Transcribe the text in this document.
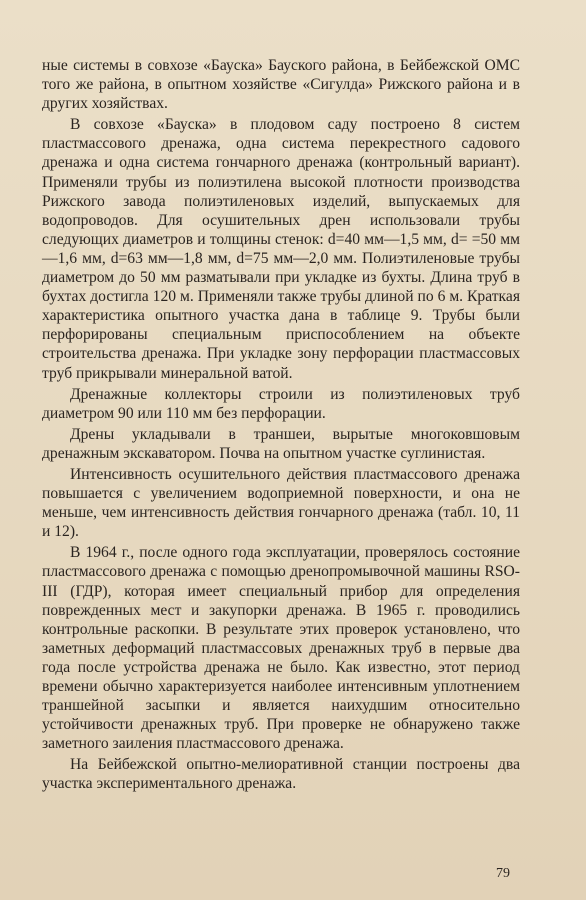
ные системы в совхозе «Бауска» Бауского района, в Бейбежской ОМС того же района, в опытном хозяйстве «Сигулда» Рижского района и в других хозяйствах.

В совхозе «Бауска» в плодовом саду построено 8 систем пластмассового дренажа, одна система перекрестного садового дренажа и одна система гончарного дренажа (контрольный вариант). Применяли трубы из полиэтилена высокой плотности производства Рижского завода полиэтиленовых изделий, выпускаемых для водопроводов. Для осушительных дрен использовали трубы следующих диаметров и толщины стенок: d=40 мм—1,5 мм, d= =50 мм—1,6 мм, d=63 мм—1,8 мм, d=75 мм—2,0 мм. Полиэтиленовые трубы диаметром до 50 мм разматывали при укладке из бухты. Длина труб в бухтах достигла 120 м. Применяли также трубы длиной по 6 м. Краткая характеристика опытного участка дана в таблице 9. Трубы были перфорированы специальным приспособлением на объекте строительства дренажа. При укладке зону перфорации пластмассовых труб прикрывали минеральной ватой.

Дренажные коллекторы строили из полиэтиленовых труб диаметром 90 или 110 мм без перфорации.

Дрены укладывали в траншеи, вырытые многоковшовым дренажным экскаватором. Почва на опытном участке суглинистая.

Интенсивность осушительного действия пластмассового дренажа повышается с увеличением водоприемной поверхности, и она не меньше, чем интенсивность действия гончарного дренажа (табл. 10, 11 и 12).

В 1964 г., после одного года эксплуатации, проверялось состояние пластмассового дренажа с помощью дренопромывочной машины RSO-III (ГДР), которая имеет специальный прибор для определения поврежденных мест и закупорки дренажа. В 1965 г. проводились контрольные раскопки. В результате этих проверок установлено, что заметных деформаций пластмассовых дренажных труб в первые два года после устройства дренажа не было. Как известно, этот период времени обычно характеризуется наиболее интенсивным уплотнением траншейной засыпки и является наихудшим относительно устойчивости дренажных труб. При проверке не обнаружено также заметного заиления пластмассового дренажа.

На Бейбежской опытно-мелиоративной станции построены два участка экспериментального дренажа.

79
